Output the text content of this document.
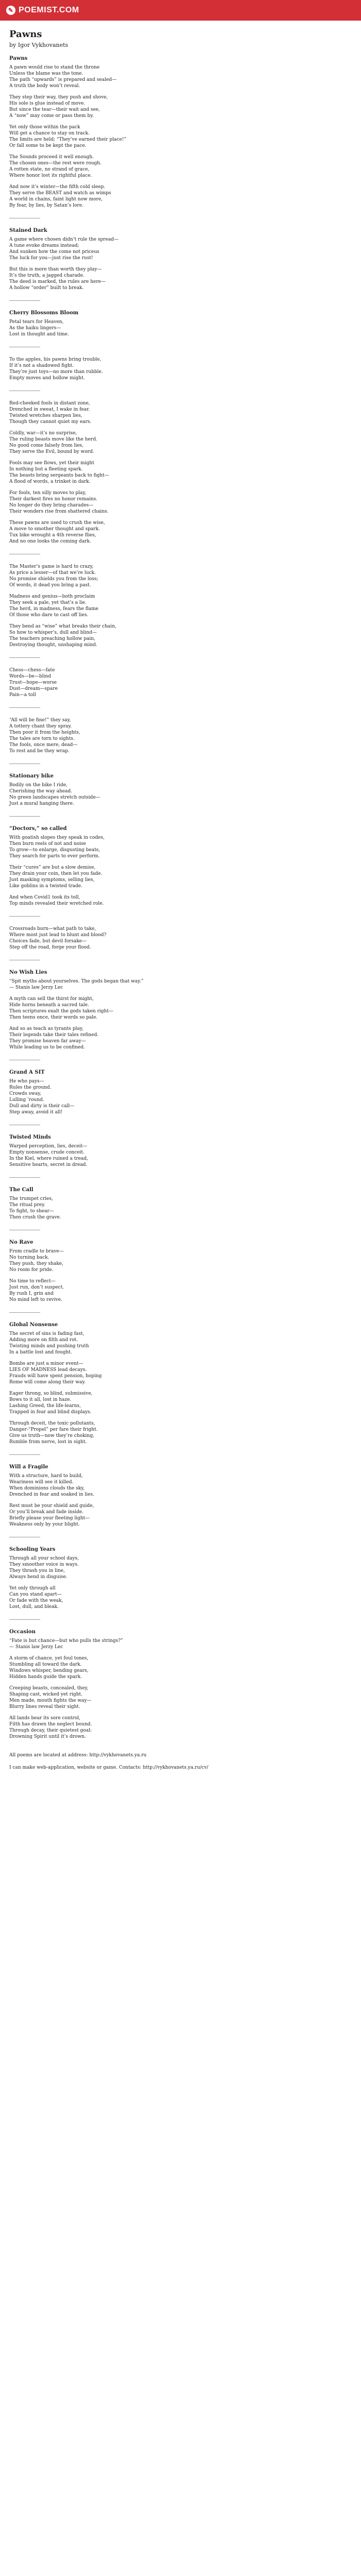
✎ POEMIST.COM
Pawns

by Igor Vykhovanets

Pawns

A pawn would rise to stand the throne
Unless the blame was the tone.
The path “upwards” is prepared and sealed—
A truth the body won’t reveal.

They step their way, they push and shove,
His sole is glue instead of move.
But since the tear—their wait and see,
A “now” may come or pass them by.

Yet only those within the pack
Will get a chance to stay on track.
The limits are held; “They’ve earned their place!”
Or fall some to be kept the pace.

The Sounds proceed it well enough.
The chosen ones—the rest were rough.
A rotten state, no strand of grace,
Where honor lost its rightful place.

And now it’s winter—the fifth cold sleep.
They serve the BEAST and watch as wimps
A world in chains, faint light now more,
By fear, by lies, by Satan’s lore.

Stained Dark

A game where chosen didn’t rule the spread—
A tune evoke dreams instead;
And sunken how the come not priceus
The luck for you—just rise the rust!

But this is more than worth they play—
It’s the truth, a jagged charade.
The deed is marked, the rules are here—
A hollow “order” built to break.

Cherry Blossoms Bloom

Petal tears for Heaven,
As the haiku lingers—
Lost in thought and time.

To the apples, his pawns bring trouble,
If it’s not a shadowed fight.
They’re just toys—no more than rubble.
Empty moves and hollow might.

Red-cheeked fools in distant zone,
Drenched in sweat, I wake in fear.
Twisted wretches sharpen lies,
Though they cannot quiet my ears.

Coldly, war—it’s no surprise,
The ruling beasts move like the herd.
No good come falsely from lies,
They serve the Evil, bound by word.

Fools may see flows, yet their might
In nothing but a fleeting spark.
The beasts bring sergeants back to fight—
A flood of words, a trinket in dark.

For fools, ten silly moves to play,
Their darkest fires no honor remains.
No longer do they bring charades—
Their wonders rise from shattered chains.

These pawns are used to crush the wise,
A move to smother thought and spark.
Tux bike wrought a 4th reverse flies,
And no one looks the coming dark.

The Master’s game is hard to crazy,
As price a lesser—of that we’re luck.
No promise shields you from the loss;
Of words, it dead you bring a past.

Madness and genius—both proclaim
They seek a pale, yet that’s a lie.
The herd, in madness, fears the flame
Of those who dare to cast off lies.

They bend as “wise” what breaks their chain,
So how to whisper’s, dull and blind—
The teachers preaching hollow pain,
Destroying thought, unshaping mind.

Chess—chess—fate
Words—be—blind
Trust—hope—worse
Dust—dream—spare
Pain—a toll

“All will be fine!” they say,
A tottery chant they spray.
Then poor it from the heights,
The tales are torn to sights.
The fools, once mere, dead—
To rest and be they wrap.

Stationary bike

Bodily on the bike I ride,
Cherishing the way ahead.
No green landscapes stretch outside—
Just a mural hanging there.

“Doctors,” so called

With goatish slopes they speak in codes,
Then burn reels of not and noise
To grow—to enlarge, disgusting beats,
They search for parts to ever perform.

Their “cures” are but a slow demise,
They drain your coin, then let you fade.
Just masking symptoms, selling lies,
Like goblins in a twisted trade.

And when Covid1 took its toll,
Top minds revealed their wretched role.

Crossroads burn—what path to take,
Where most just lead to blunt and blood?
Choices fade, but devil forsake—
Step off the road, forge your flood.

No Wish Lies

“Spit myths about yourselves. The gods began that way.”
— Stanis law Jerzy Lec

A myth can sell the thirst for might,
Hide horns beneath a sacred tale.
Then scriptures exalt the gods taken right—
Then teens once, their words so pale.

And so as teach as tyrants play,
Their legends take their tales refined.
They promise heaven far away—
While leading us to be confined.

Grand A SIT

He who pays—
Rules the ground.
Crowds sway,
Lulling ’round.
Dull and dirty is their call—
Step away, avoid it all!

Twisted Minds

Warped perception, lies, deceit—
Empty nonsense, crude conceit.
In the Kiel, where ruined a tread,
Sensitive hearts, secret in dread.

The Call

The trumpet cries,
The ritual prey.
To fight, to shear—
Then crush the grave.

No Rave

From cradle to brave—
No turning back.
They push, they shake,
No room for pride.

No time to reflect—
Just run, don’t suspect.
By rush I, grin and
No mind left to revive.

Global Nonsense

The secret of sins is fading fast,
Adding more on filth and rot.
Twisting minds and pushing truth
In a battle lost and fought.

Bombs are just a minor event—
LIES OF MADNESS lead decays.
Frauds will have spent pension, hoping
Rome will come along their way.

Eager throng, so blind, submissive,
Bows to it all, lost in haze.
Lashing Greed, the life-learns,
Trapped in fear and blind displays.

Through deceit, the toxic pollutants,
Danger-“Propel” per fare their fright.
Give us truth—now they’re choking,
Rumble from nerve, lost in sight.

Will a Fragile

With a structure, hard to build,
Weariness will see it killed.
When dominions clouds the sky,
Drenched in fear and soaked in lies.

Rest must be your shield and guide,
Or you’ll break and fade inside.
Briefly please your fleeting light—
Weakness only by your blight.

Schooling Years

Through all your school days,
They smoother voice in ways.
They thrash you in line,
Always bend in disguise.

Yet only through all
Can you stand apart—
Or fade with the weak,
Lost, dull, and bleak.

Occasion

“Fate is but chance—but who pulls the strings?”
— Stanis law Jerzy Lec

A storm of chance, yet foul tones,
Stumbling all toward the dark.
Windows whisper, bending gears,
Hidden hands guide the spark.

Creeping beasts, concealed, they,
Shaping cast, wicked yet right.
Men made, mouth fights the way—
Blurry lines reveal their sight.

All lands bear its sore control,
Filth has drawn the neglect bound.
Through decay, their quietest goal:
Drowning Spirit until it’s drown.

All poems are located at address: http://vykhovanets.ya.ru

I can make web-application, website or game. Contacts: http://vykhovanets.ya.ru/cv/
